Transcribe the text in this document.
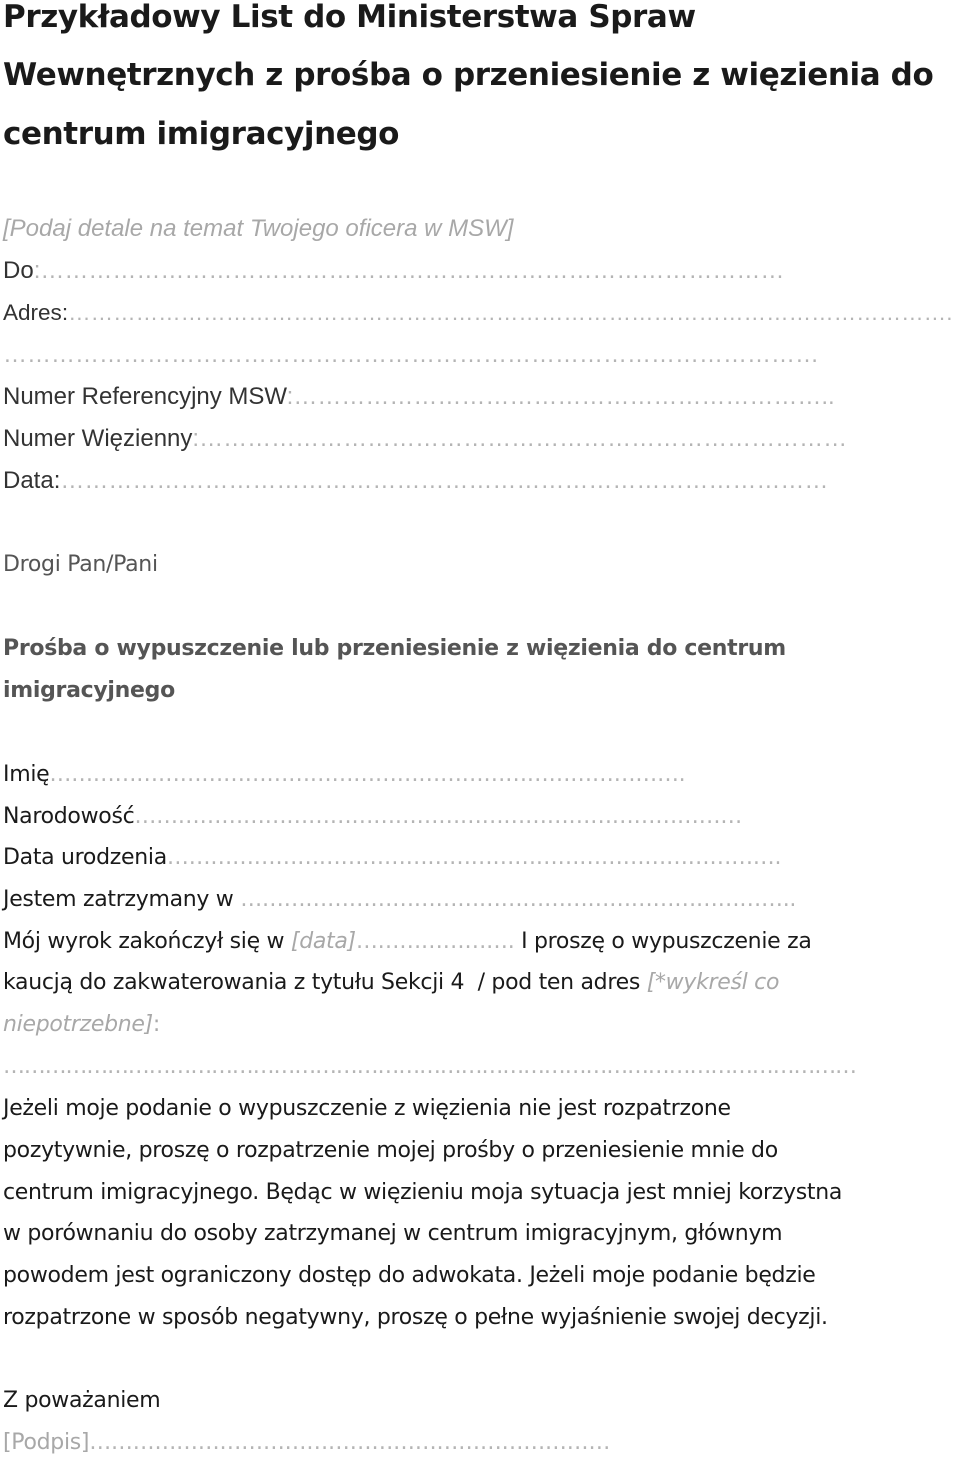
Przykładowy List do Ministerstwa Spraw
Wewnętrznych z prośba o przeniesienie z więzienia do
centrum imigracyjnego
[Podaj detale na temat Twojego oficera w MSW]
Do:…………………………………………………………………………………
Adres:……………………………………………………………………………………………………….
…………………………………………………………………………………………
Numer Referencyjny MSW:…………………………………………………………..
Numer Więzienny:………………………………………………………………………
Data:……………………………………………………………………………………
Drogi Pan/Pani
Prośba o wypuszczenie lub przeniesienie z więzienia do centrum
imigracyjnego
Imię…………………………………………………………………………….
Narodowość…………………………………………………………………………
Data urodzenia………………………………………………………………………….
Jestem zatrzymany w …………………………………………………………………..
Mój wyrok zakończył się w [data]…………………. I proszę o wypuszczenie za
kaucją do zakwaterowania z tytułu Sekcji 4  / pod ten adres [*wykreśl co
niepotrzebne]:
……………………………………………………………………………………………………………
Jeżeli moje podanie o wypuszczenie z więzienia nie jest rozpatrzone
pozytywnie, proszę o rozpatrzenie mojej prośby o przeniesienie mnie do
centrum imigracyjnego. Będąc w więzieniu moja sytuacja jest mniej korzystna
w porównaniu do osoby zatrzymanej w centrum imigracyjnym, głównym
powodem jest ograniczony dostęp do adwokata. Jeżeli moje podanie będzie
rozpatrzone w sposób negatywny, proszę o pełne wyjaśnienie swojej decyzji.
Z poważaniem
[Podpis]………………………………………………………………
